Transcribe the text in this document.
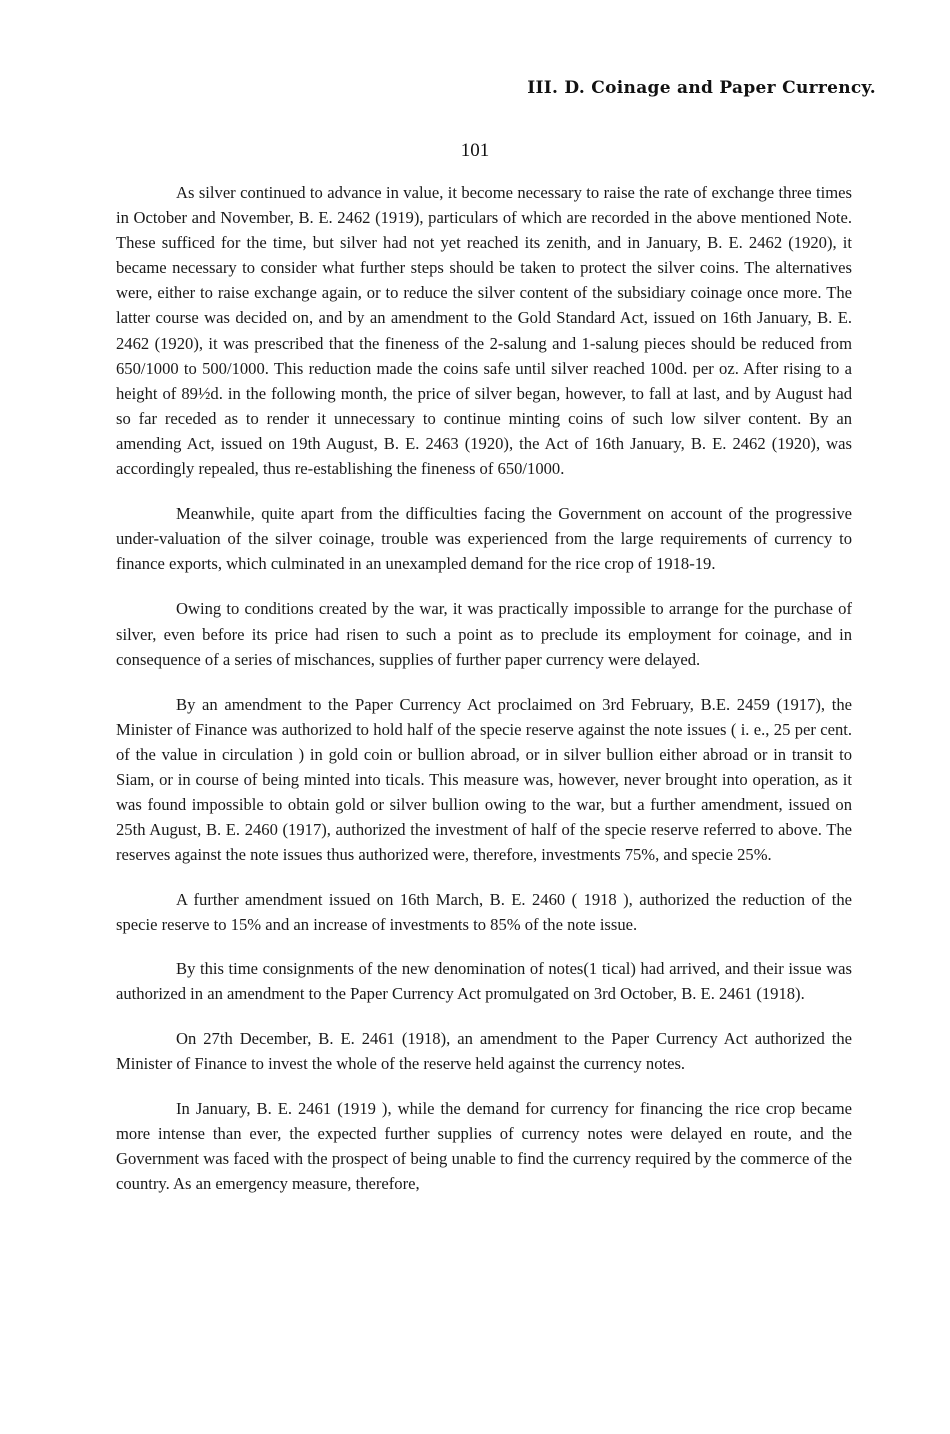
III. D. Coinage and Paper Currency.
101

As silver continued to advance in value, it become necessary to raise the rate of exchange three times in October and November, B. E. 2462 (1919), particulars of which are recorded in the above mentioned Note. These sufficed for the time, but silver had not yet reached its zenith, and in January, B. E. 2462 (1920), it became necessary to consider what further steps should be taken to protect the silver coins. The alternatives were, either to raise exchange again, or to reduce the silver content of the subsidiary coinage once more. The latter course was decided on, and by an amendment to the Gold Standard Act, issued on 16th January, B. E. 2462 (1920), it was prescribed that the fineness of the 2-salung and 1-salung pieces should be reduced from 650/1000 to 500/1000. This reduction made the coins safe until silver reached 100d. per oz. After rising to a height of 89½d. in the following month, the price of silver began, however, to fall at last, and by August had so far receded as to render it unnecessary to continue minting coins of such low silver content. By an amending Act, issued on 19th August, B. E. 2463 (1920), the Act of 16th January, B. E. 2462 (1920), was accordingly repealed, thus re-establishing the fineness of 650/1000.

Meanwhile, quite apart from the difficulties facing the Government on account of the progressive under-valuation of the silver coinage, trouble was experienced from the large requirements of currency to finance exports, which culminated in an unexampled demand for the rice crop of 1918-19.

Owing to conditions created by the war, it was practically impossible to arrange for the purchase of silver, even before its price had risen to such a point as to preclude its employment for coinage, and in consequence of a series of mischances, supplies of further paper currency were delayed.

By an amendment to the Paper Currency Act proclaimed on 3rd February, B.E. 2459 (1917), the Minister of Finance was authorized to hold half of the specie reserve against the note issues ( i. e., 25 per cent. of the value in circulation ) in gold coin or bullion abroad, or in silver bullion either abroad or in transit to Siam, or in course of being minted into ticals. This measure was, however, never brought into operation, as it was found impossible to obtain gold or silver bullion owing to the war, but a further amendment, issued on 25th August, B. E. 2460 (1917), authorized the investment of half of the specie reserve referred to above. The reserves against the note issues thus authorized were, therefore, investments 75%, and specie 25%.

A further amendment issued on 16th March, B. E. 2460 ( 1918 ), authorized the reduction of the specie reserve to 15% and an increase of investments to 85% of the note issue.

By this time consignments of the new denomination of notes(1 tical) had arrived, and their issue was authorized in an amendment to the Paper Currency Act promulgated on 3rd October, B. E. 2461 (1918).

On 27th December, B. E. 2461 (1918), an amendment to the Paper Currency Act authorized the Minister of Finance to invest the whole of the reserve held against the currency notes.

In January, B. E. 2461 (1919 ), while the demand for currency for financing the rice crop became more intense than ever, the expected further supplies of currency notes were delayed en route, and the Government was faced with the prospect of being unable to find the currency required by the commerce of the country. As an emergency measure, therefore,
